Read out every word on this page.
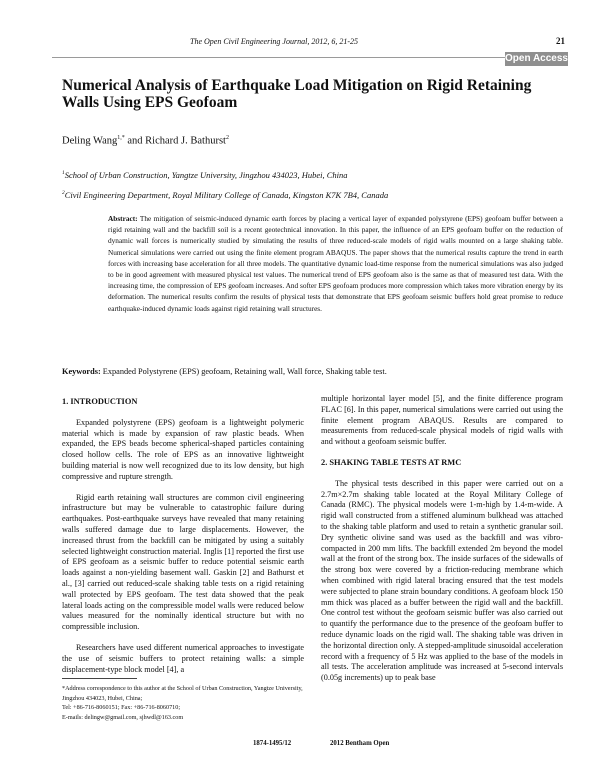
The Open Civil Engineering Journal, 2012, 6, 21-25	21
Open Access
Numerical Analysis of Earthquake Load Mitigation on Rigid Retaining Walls Using EPS Geofoam
Deling Wang$^{1,*}$ and Richard J. Bathurst$^2$
$^1$School of Urban Construction, Yangtze University, Jingzhou 434023, Hubei, China
$^2$Civil Engineering Department, Royal Military College of Canada, Kingston K7K 7B4, Canada
Abstract: The mitigation of seismic-induced dynamic earth forces by placing a vertical layer of expanded polystyrene (EPS) geofoam buffer between a rigid retaining wall and the backfill soil is a recent geotechnical innovation. In this paper, the influence of an EPS geofoam buffer on the reduction of dynamic wall forces is numerically studied by simulating the results of three reduced-scale models of rigid walls mounted on a large shaking table. Numerical simulations were carried out using the finite element program ABAQUS. The paper shows that the numerical results capture the trend in earth forces with increasing base acceleration for all three models. The quantitative dynamic load-time response from the numerical simulations was also judged to be in good agreement with measured physical test values. The numerical trend of EPS geofoam also is the same as that of measured test data. With the increasing time, the compression of EPS geofoam increases. And softer EPS geofoam produces more compression which takes more vibration energy by its deformation. The numerical results confirm the results of physical tests that demonstrate that EPS geofoam seismic buffers hold great promise to reduce earthquake-induced dynamic loads against rigid retaining wall structures.
Keywords: Expanded Polystyrene (EPS) geofoam, Retaining wall, Wall force, Shaking table test.
1. INTRODUCTION

Expanded polystyrene (EPS) geofoam is a lightweight polymeric material which is made by expansion of raw plastic beads. When expanded, the EPS beads become spherical-shaped particles containing closed hollow cells. The role of EPS as an innovative lightweight building material is now well recognized due to its low density, but high compressive and rupture strength.

Rigid earth retaining wall structures are common civil engineering infrastructure but may be vulnerable to catastrophic failure during earthquakes. Post-earthquake surveys have revealed that many retaining walls suffered damage due to large displacements. However, the increased thrust from the backfill can be mitigated by using a suitably selected lightweight construction material. Inglis [1] reported the first use of EPS geofoam as a seismic buffer to reduce potential seismic earth loads against a non-yielding basement wall. Gaskin [2] and Bathurst et al., [3] carried out reduced-scale shaking table tests on a rigid retaining wall protected by EPS geofoam. The test data showed that the peak lateral loads acting on the compressible model walls were reduced below values measured for the nominally identical structure but with no compressible inclusion.

Researchers have used different numerical approaches to investigate the use of seismic buffers to protect retaining walls: a simple displacement-type block model [4], a

multiple horizontal layer model [5], and the finite difference program FLAC [6]. In this paper, numerical simulations were carried out using the finite element program ABAQUS. Results are compared to measurements from reduced-scale physical models of rigid walls with and without a geofoam seismic buffer.

2. SHAKING TABLE TESTS AT RMC

The physical tests described in this paper were carried out on a 2.7m×2.7m shaking table located at the Royal Military College of Canada (RMC). The physical models were 1-m-high by 1.4-m-wide. A rigid wall constructed from a stiffened aluminum bulkhead was attached to the shaking table platform and used to retain a synthetic granular soil. Dry synthetic olivine sand was used as the backfill and was vibro-compacted in 200 mm lifts. The backfill extended 2m beyond the model wall at the front of the strong box. The inside surfaces of the sidewalls of the strong box were covered by a friction-reducing membrane which when combined with rigid lateral bracing ensured that the test models were subjected to plane strain boundary conditions. A geofoam block 150 mm thick was placed as a buffer between the rigid wall and the backfill. One control test without the geofoam seismic buffer was also carried out to quantify the performance due to the presence of the geofoam buffer to reduce dynamic loads on the rigid wall. The shaking table was driven in the horizontal direction only. A stepped-amplitude sinusoidal acceleration record with a frequency of 5 Hz was applied to the base of the models in all tests. The acceleration amplitude was increased at 5-second intervals (0.05g increments) up to peak base

*Address correspondence to this author at the School of Urban Construction, Yangtze University, Jingzhou 434023, Hubei, China;
Tel: +86-716-8060151; Fax: +86-716-8060710;
E-mails: delingw@gmail.com, sjhwdl@163.com
1874-1495/12	2012 Bentham Open
